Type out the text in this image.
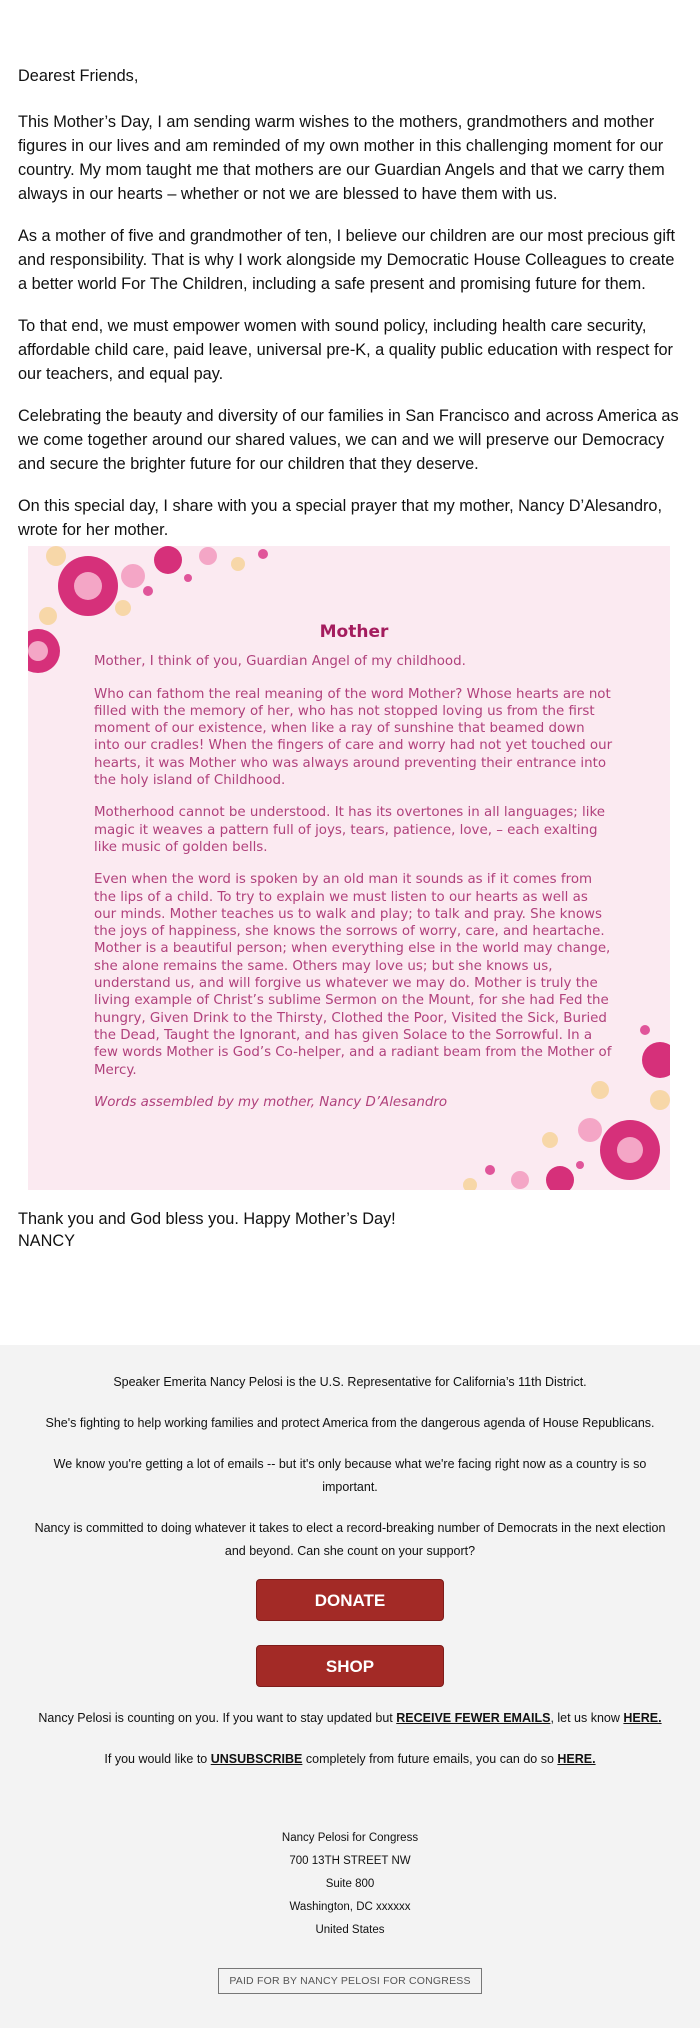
Dearest Friends,

This Mother’s Day, I am sending warm wishes to the mothers, grandmothers and mother figures in our lives and am reminded of my own mother in this challenging moment for our country. My mom taught me that mothers are our Guardian Angels and that we carry them always in our hearts – whether or not we are blessed to have them with us.

As a mother of five and grandmother of ten, I believe our children are our most precious gift and responsibility. That is why I work alongside my Democratic House Colleagues to create a better world For The Children, including a safe present and promising future for them.

To that end, we must empower women with sound policy, including health care security, affordable child care, paid leave, universal pre-K, a quality public education with respect for our teachers, and equal pay.

Celebrating the beauty and diversity of our families in San Francisco and across America as we come together around our shared values, we can and we will preserve our Democracy and secure the brighter future for our children that they deserve.

On this special day, I share with you a special prayer that my mother, Nancy D’Alesandro, wrote for her mother.

Mother

Mother, I think of you, Guardian Angel of my childhood.

Who can fathom the real meaning of the word Mother? Whose hearts are not filled with the memory of her, who has not stopped loving us from the first moment of our existence, when like a ray of sunshine that beamed down into our cradles! When the fingers of care and worry had not yet touched our hearts, it was Mother who was always around preventing their entrance into the holy island of Childhood.

Motherhood cannot be understood. It has its overtones in all languages; like magic it weaves a pattern full of joys, tears, patience, love, – each exalting like music of golden bells.

Even when the word is spoken by an old man it sounds as if it comes from the lips of a child. To try to explain we must listen to our hearts as well as our minds. Mother teaches us to walk and play; to talk and pray. She knows the joys of happiness, she knows the sorrows of worry, care, and heartache. Mother is a beautiful person; when everything else in the world may change, she alone remains the same. Others may love us; but she knows us, understand us, and will forgive us whatever we may do. Mother is truly the living example of Christ’s sublime Sermon on the Mount, for she had Fed the hungry, Given Drink to the Thirsty, Clothed the Poor, Visited the Sick, Buried the Dead, Taught the Ignorant, and has given Solace to the Sorrowful. In a few words Mother is God’s Co-helper, and a radiant beam from the Mother of Mercy.

Words assembled by my mother, Nancy D’Alesandro

Thank you and God bless you. Happy Mother’s Day!
NANCY
Speaker Emerita Nancy Pelosi is the U.S. Representative for California’s 11th District.
She's fighting to help working families and protect America from the dangerous agenda of House Republicans.
We know you're getting a lot of emails -- but it's only because what we're facing right now as a country is so important.
Nancy is committed to doing whatever it takes to elect a record-breaking number of Democrats in the next election and beyond. Can she count on your support?
DONATE
SHOP
Nancy Pelosi is counting on you. If you want to stay updated but RECEIVE FEWER EMAILS, let us know HERE.
If you would like to UNSUBSCRIBE completely from future emails, you can do so HERE.
Nancy Pelosi for Congress
700 13TH STREET NW
Suite 800
Washington, DC xxxxxx
United States
PAID FOR BY NANCY PELOSI FOR CONGRESS
